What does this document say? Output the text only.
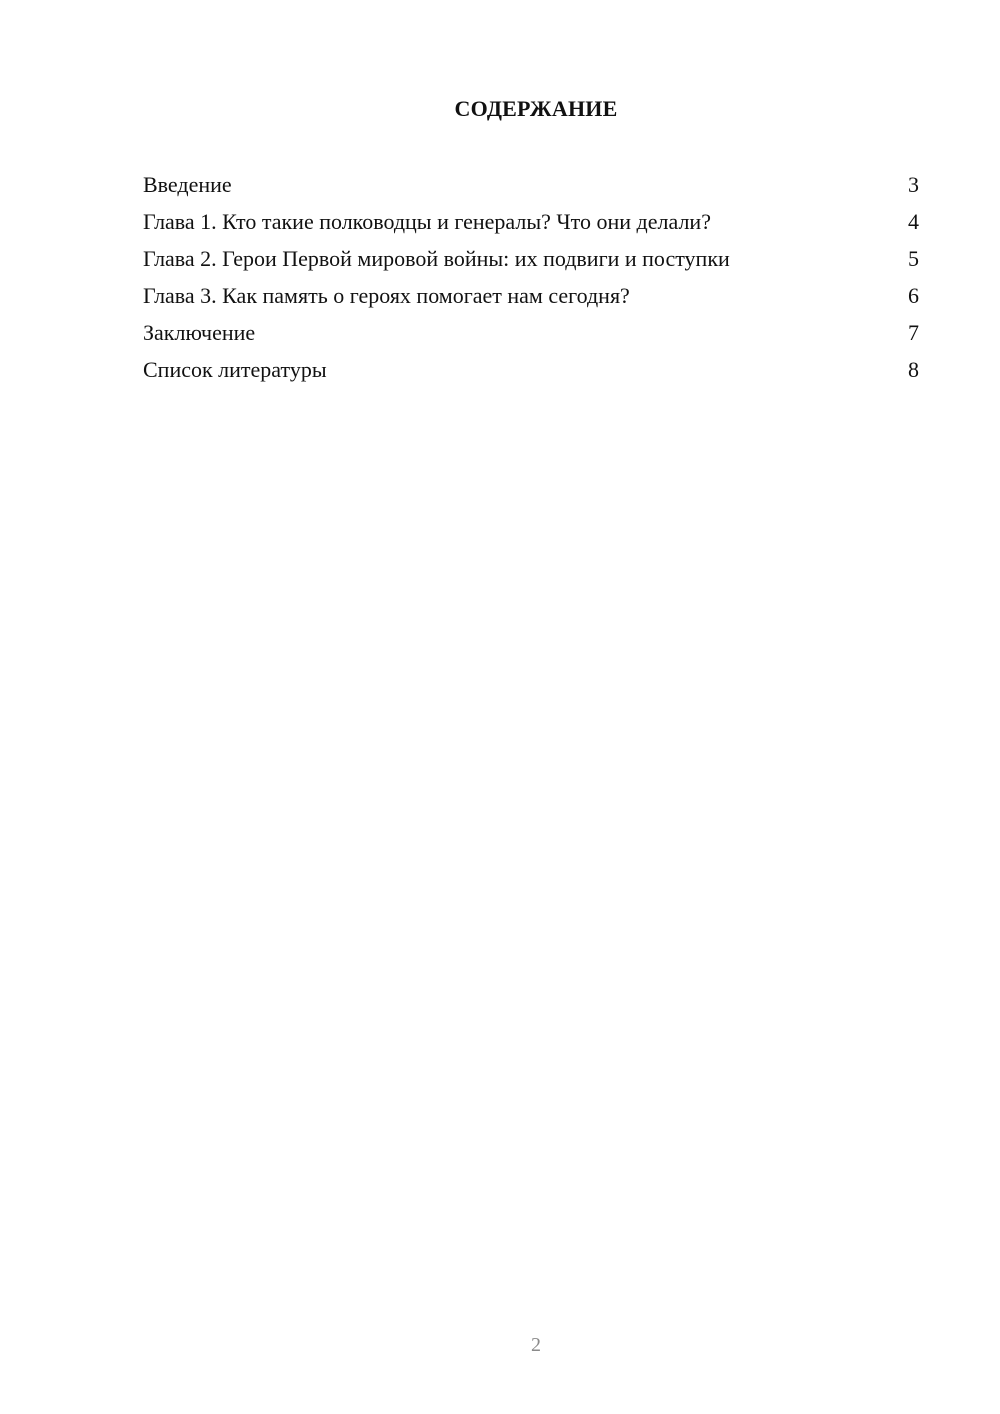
СОДЕРЖАНИЕ
Введение	3
Глава 1. Кто такие полководцы и генералы? Что они делали?	4
Глава 2. Герои Первой мировой войны: их подвиги и поступки	5
Глава 3. Как память о героях помогает нам сегодня?	6
Заключение	7
Список литературы	8
2
